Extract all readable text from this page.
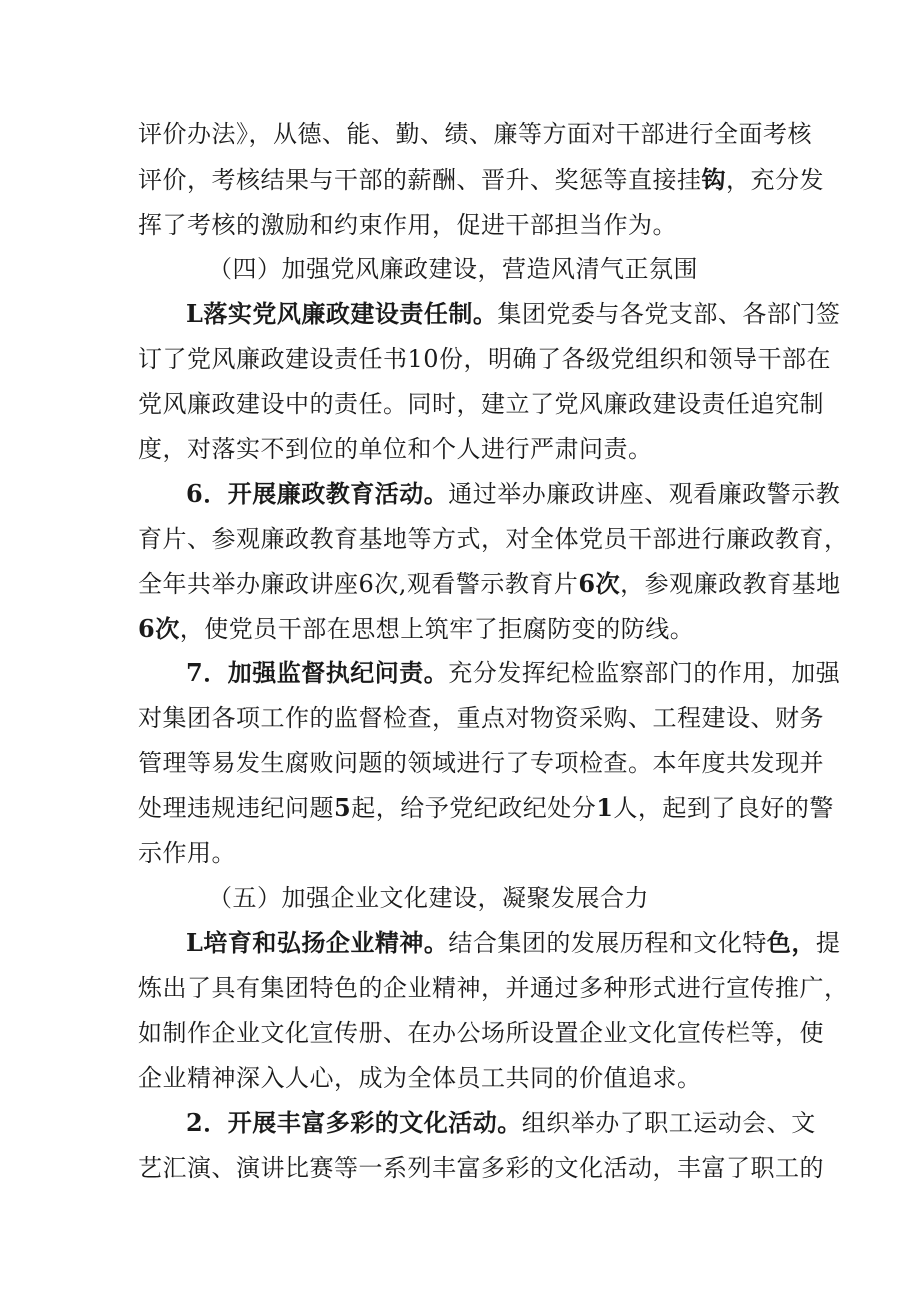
评价办法》，从德、能、勤、绩、廉等方面对干部进行全面考核
评价，考核结果与干部的薪酬、晋升、奖惩等直接挂钩，充分发
挥了考核的激励和约束作用，促进干部担当作为。
（四）加强党风廉政建设，营造风清气正氛围
L落实党风廉政建设责任制。集团党委与各党支部、各部门签
订了党风廉政建设责任书10份，明确了各级党组织和领导干部在
党风廉政建设中的责任。同时，建立了党风廉政建设责任追究制
度，对落实不到位的单位和个人进行严肃问责。
6．开展廉政教育活动。通过举办廉政讲座、观看廉政警示教
育片、参观廉政教育基地等方式，对全体党员干部进行廉政教育，
全年共举办廉政讲座6次,观看警示教育片6次，参观廉政教育基地
6次，使党员干部在思想上筑牢了拒腐防变的防线。
7．加强监督执纪问责。充分发挥纪检监察部门的作用，加强
对集团各项工作的监督检查，重点对物资采购、工程建设、财务
管理等易发生腐败问题的领域进行了专项检查。本年度共发现并
处理违规违纪问题5起，给予党纪政纪处分1人，起到了良好的警
示作用。
（五）加强企业文化建设，凝聚发展合力
L培育和弘扬企业精神。结合集团的发展历程和文化特色，提
炼出了具有集团特色的企业精神，并通过多种形式进行宣传推广，
如制作企业文化宣传册、在办公场所设置企业文化宣传栏等，使
企业精神深入人心，成为全体员工共同的价值追求。
2．开展丰富多彩的文化活动。组织举办了职工运动会、文
艺汇演、演讲比赛等一系列丰富多彩的文化活动，丰富了职工的
